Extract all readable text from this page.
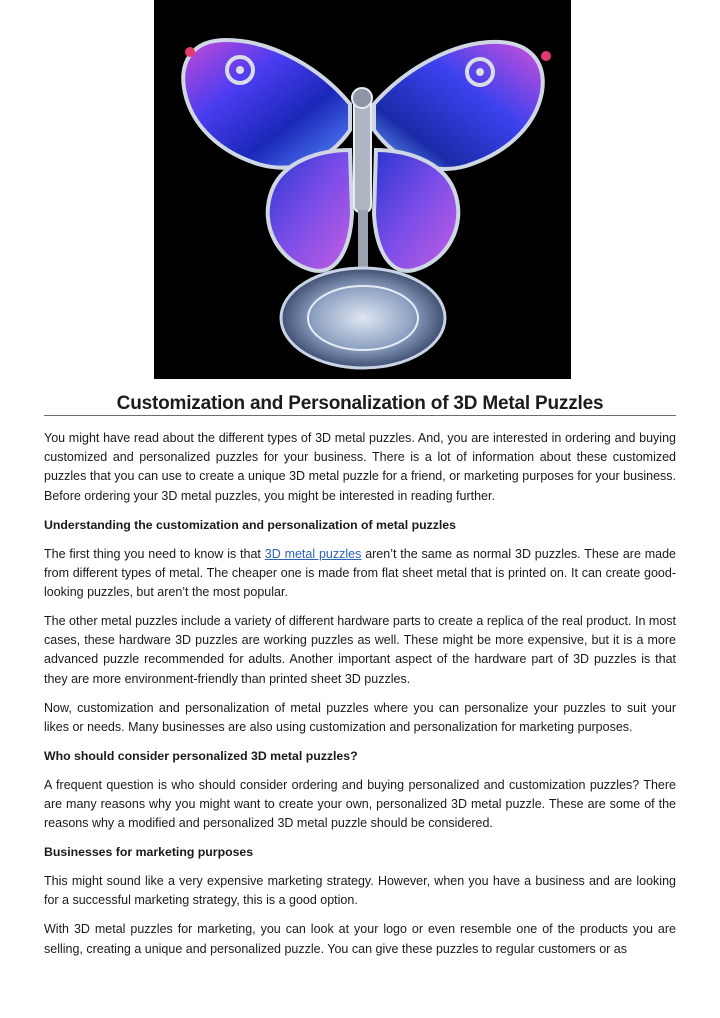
Customization and Personalization of 3D Metal Puzzles

You might have read about the different types of 3D metal puzzles. And, you are interested in ordering and buying customized and personalized puzzles for your business. There is a lot of information about these customized puzzles that you can use to create a unique 3D metal puzzle for a friend, or marketing purposes for your business. Before ordering your 3D metal puzzles, you might be interested in reading further.

Understanding the customization and personalization of metal puzzles

The first thing you need to know is that 3D metal puzzles aren’t the same as normal 3D puzzles. These are made from different types of metal. The cheaper one is made from flat sheet metal that is printed on. It can create good-looking puzzles, but aren’t the most popular.

The other metal puzzles include a variety of different hardware parts to create a replica of the real product. In most cases, these hardware 3D puzzles are working puzzles as well. These might be more expensive, but it is a more advanced puzzle recommended for adults. Another important aspect of the hardware part of 3D puzzles is that they are more environment-friendly than printed sheet 3D puzzles.

Now, customization and personalization of metal puzzles where you can personalize your puzzles to suit your likes or needs. Many businesses are also using customization and personalization for marketing purposes.

Who should consider personalized 3D metal puzzles?

A frequent question is who should consider ordering and buying personalized and customization puzzles? There are many reasons why you might want to create your own, personalized 3D metal puzzle. These are some of the reasons why a modified and personalized 3D metal puzzle should be considered.

Businesses for marketing purposes

This might sound like a very expensive marketing strategy. However, when you have a business and are looking for a successful marketing strategy, this is a good option.

With 3D metal puzzles for marketing, you can look at your logo or even resemble one of the products you are selling, creating a unique and personalized puzzle. You can give these puzzles to regular customers or as
